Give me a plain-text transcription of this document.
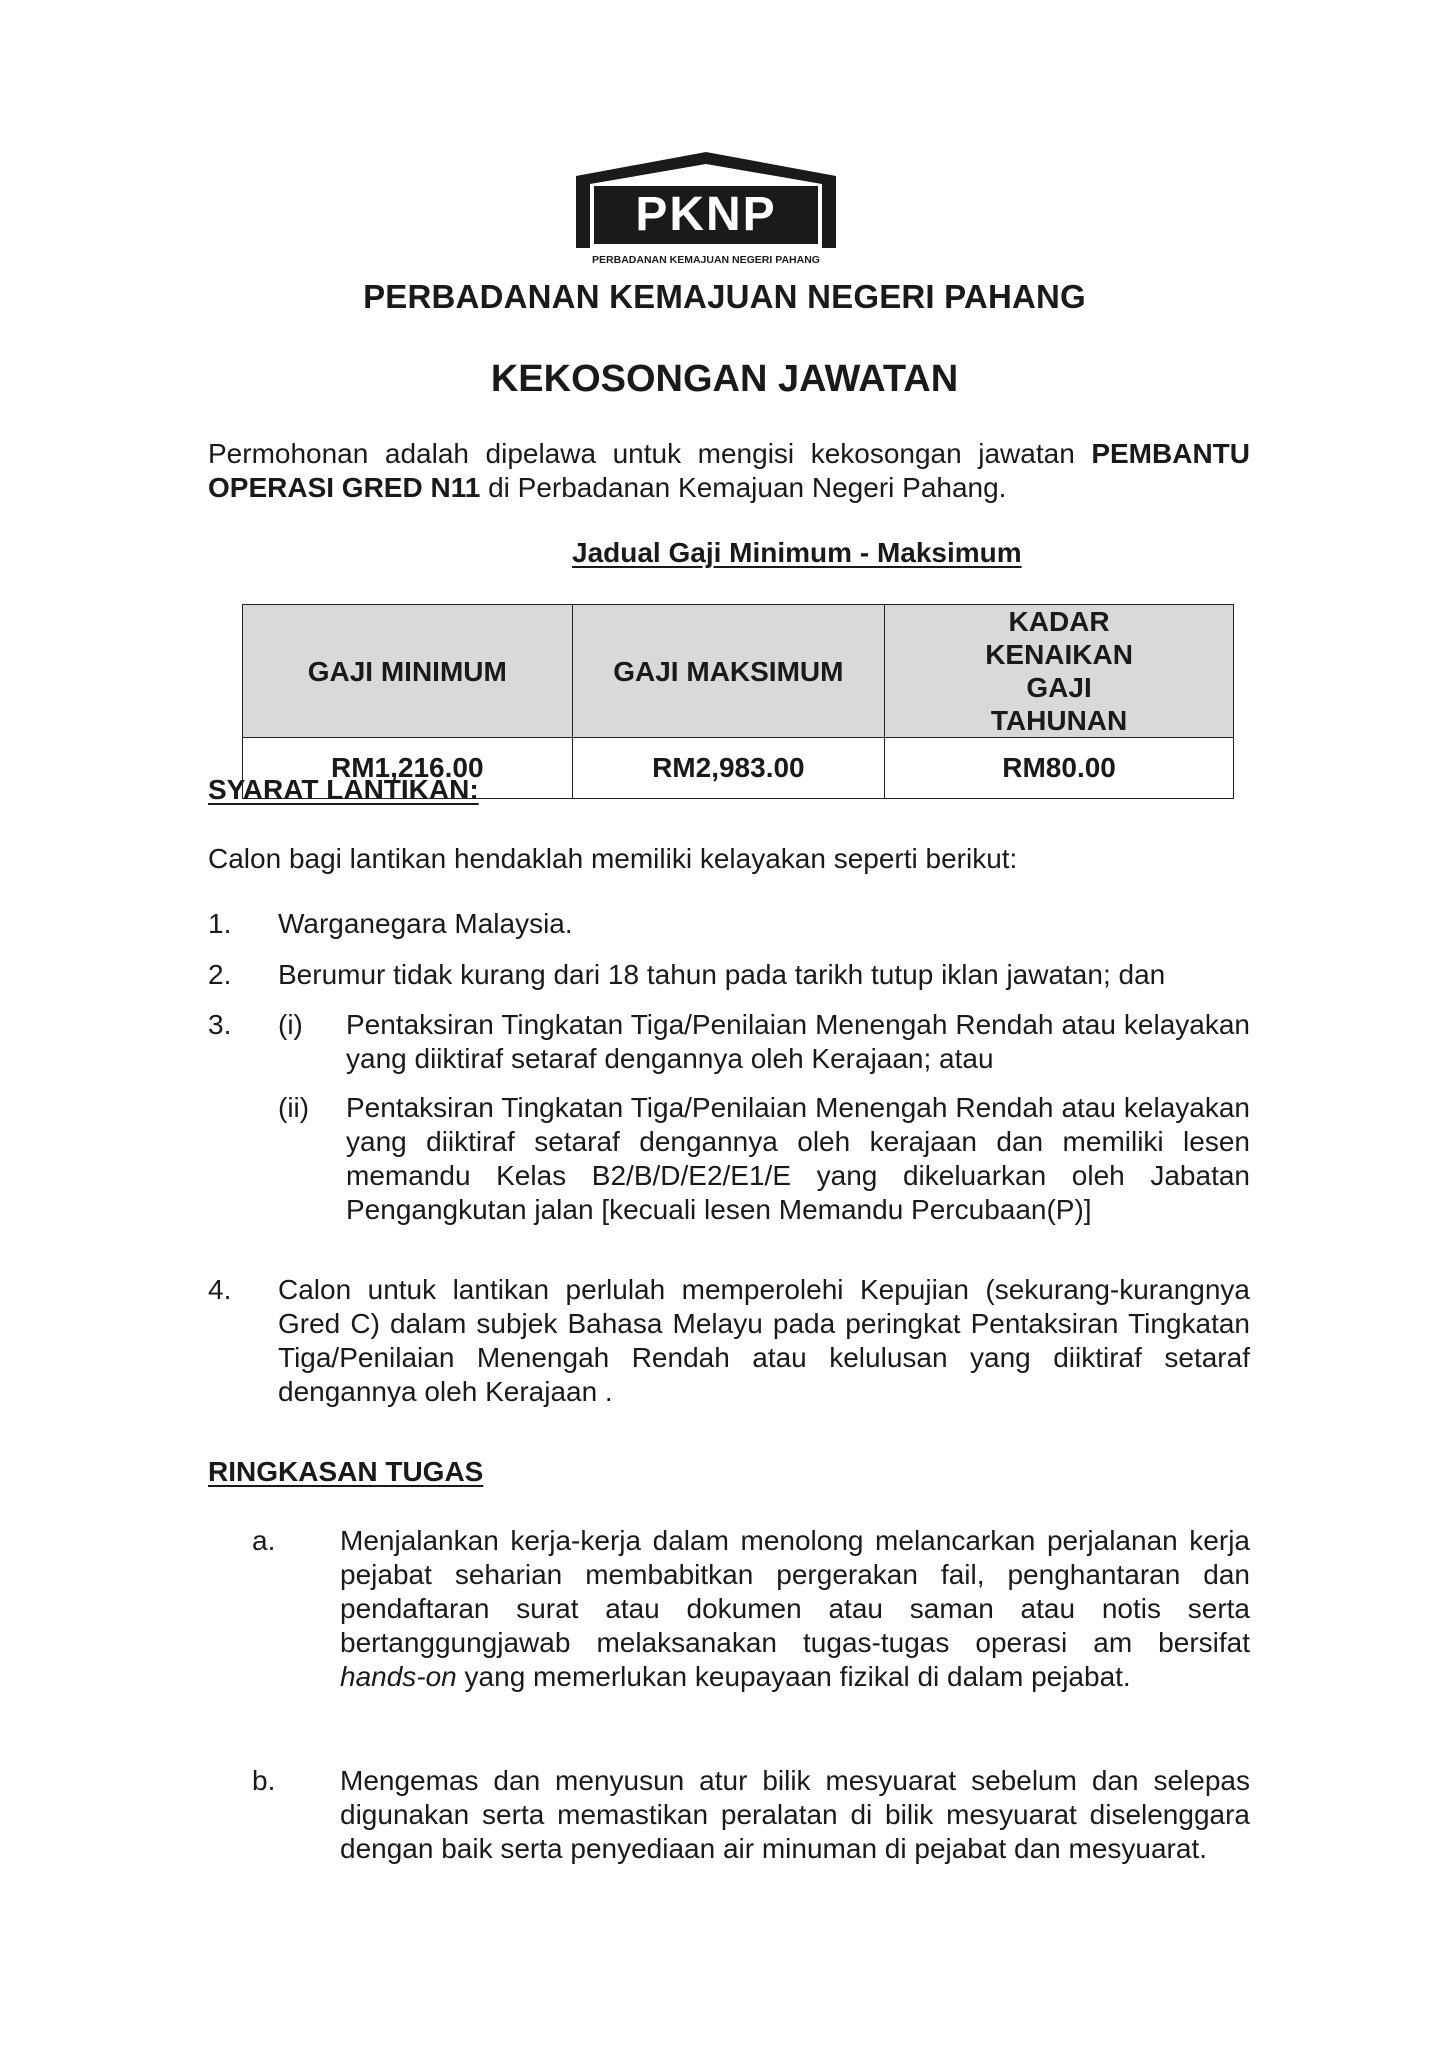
PKNP
PERBADANAN KEMAJUAN NEGERI PAHANG
PERBADANAN KEMAJUAN NEGERI PAHANG
KEKOSONGAN JAWATAN
Permohonan adalah dipelawa untuk mengisi kekosongan jawatan PEMBANTU OPERASI GRED N11 di Perbadanan Kemajuan Negeri Pahang.
Jadual Gaji Minimum - Maksimum
GAJI MINIMUM	GAJI MAKSIMUM	KADAR KENAIKAN GAJI TAHUNAN
RM1,216.00	RM2,983.00	RM80.00
SYARAT LANTIKAN:
Calon bagi lantikan hendaklah memiliki kelayakan seperti berikut:
1. Warganegara Malaysia.
2. Berumur tidak kurang dari 18 tahun pada tarikh tutup iklan jawatan; dan
3. (i) Pentaksiran Tingkatan Tiga/Penilaian Menengah Rendah atau kelayakan yang diiktiraf setaraf dengannya oleh Kerajaan; atau
(ii) Pentaksiran Tingkatan Tiga/Penilaian Menengah Rendah atau kelayakan yang diiktiraf setaraf dengannya oleh kerajaan dan memiliki lesen memandu Kelas B2/B/D/E2/E1/E yang dikeluarkan oleh Jabatan Pengangkutan jalan [kecuali lesen Memandu Percubaan(P)]
4. Calon untuk lantikan perlulah memperolehi Kepujian (sekurang-kurangnya Gred C) dalam subjek Bahasa Melayu pada peringkat Pentaksiran Tingkatan Tiga/Penilaian Menengah Rendah atau kelulusan yang diiktiraf setaraf dengannya oleh Kerajaan .
RINGKASAN TUGAS
a. Menjalankan kerja-kerja dalam menolong melancarkan perjalanan kerja pejabat seharian membabitkan pergerakan fail, penghantaran dan pendaftaran surat atau dokumen atau saman atau notis serta bertanggungjawab melaksanakan tugas-tugas operasi am bersifat hands-on yang memerlukan keupayaan fizikal di dalam pejabat.
b. Mengemas dan menyusun atur bilik mesyuarat sebelum dan selepas digunakan serta memastikan peralatan di bilik mesyuarat diselenggara dengan baik serta penyediaan air minuman di pejabat dan mesyuarat.
